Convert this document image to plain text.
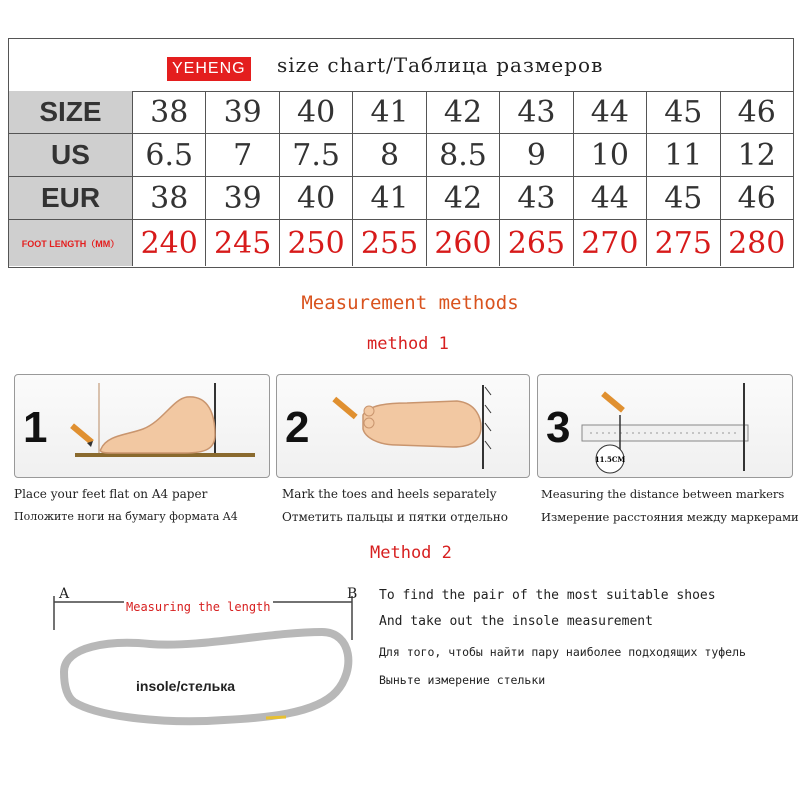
YEHENG size chart/Таблица размеров
SIZE	38	39	40	41	42	43	44	45	46
US	6.5	7	7.5	8	8.5	9	10	11	12
EUR	38	39	40	41	42	43	44	45	46
FOOT LENGTH（MM） 240 245 250 255 260 265 270 275 280
Measurement methods
method 1
1	2	3
11.5CM
Place your feet flat on A4 paper
Положите ноги на бумагу формата A4
Mark the toes and heels separately
Отметить пальцы и пятки отдельно
Measuring the distance between markers
Измерение расстояния между маркерами
Method 2
A	B
Measuring the length
insole/стелька
To find the pair of the most suitable shoes
And take out the insole measurement
Для того, чтобы найти пару наиболее подходящих туфель
Выньте измерение стельки
